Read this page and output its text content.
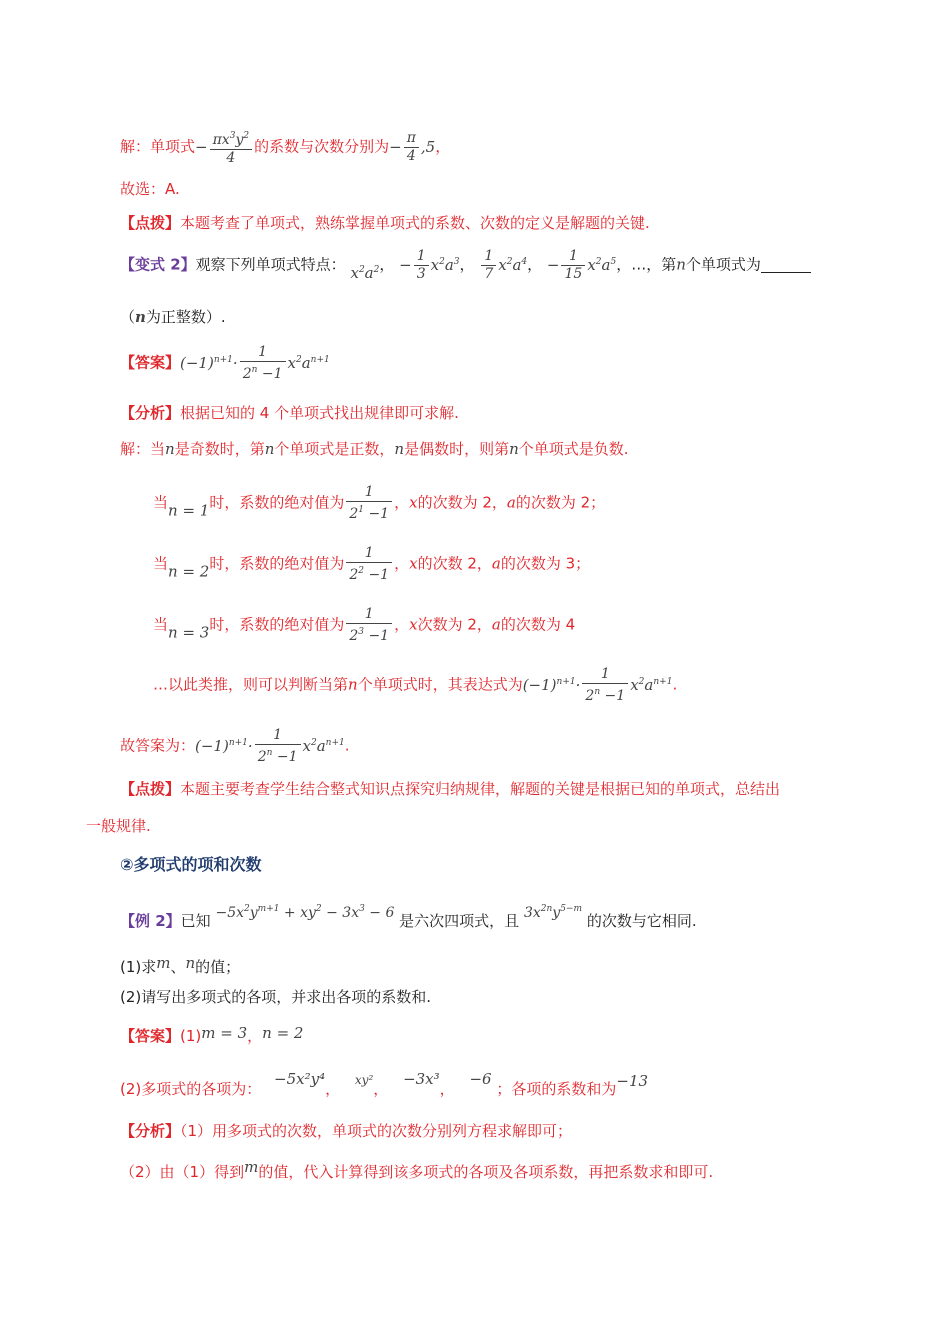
解：单项式− $\frac{\pi x^3y^2}{4}$ 的系数与次数分别为− $\frac{\pi}{4} ,5$，
故选：A.
【点拨】本题考查了单项式，熟练掌握单项式的系数、次数的定义是解题的关键.
【变式 2】观察下列单项式特点： $x^2a^2$， − $\frac{1}{3} x^2a^3$， $\frac{1}{7} x^2a^4$， − $\frac{1}{15} x^2a^5$，…，第n个单项式为
（n为正整数）.
【答案】$(-1)^{n+1}\cdot \frac{1}{2^n -1} x^2a^{n+1}$
【分析】根据已知的 4 个单项式找出规律即可求解.
解：当n是奇数时，第n个单项式是正数，n是偶数时，则第n个单项式是负数.
当n = 1时，系数的绝对值为 $\frac{1}{2^1 -1}$ ，x的次数为 2，a的次数为 2；
当n = 2时，系数的绝对值为 $\frac{1}{2^2 -1}$ ，x的次数 2，a的次数为 3；
当n = 3时，系数的绝对值为 $\frac{1}{2^3 -1}$ ，x次数为 2，a的次数为 4
…以此类推，则可以判断当第n个单项式时，其表达式为$(-1)^{n+1}\cdot \frac{1}{2^n -1} x^2a^{n+1}$.
故答案为：$(-1)^{n+1}\cdot \frac{1}{2^n -1} x^2a^{n+1}$.
【点拨】本题主要考查学生结合整式知识点探究归纳规律，解题的关键是根据已知的单项式，总结出
一般规律.
②多项式的项和次数
【例 2】已知 $-5x^2y^{m+1} + xy^2 - 3x^3 - 6$ 是六次四项式，且 $3x^{2n}y^{5-m}$ 的次数与它相同.
(1)求m、n的值；
(2)请写出多项式的各项，并求出各项的系数和.
【答案】(1)m = 3，n = 2
(2)多项式的各项为： −5x²y⁴， $^{xy^2}$， −3x³， −6 ；各项的系数和为−13
【分析】（1）用多项式的次数，单项式的次数分别列方程求解即可；
（2）由（1）得到m的值，代入计算得到该多项式的各项及各项系数，再把系数求和即可.
